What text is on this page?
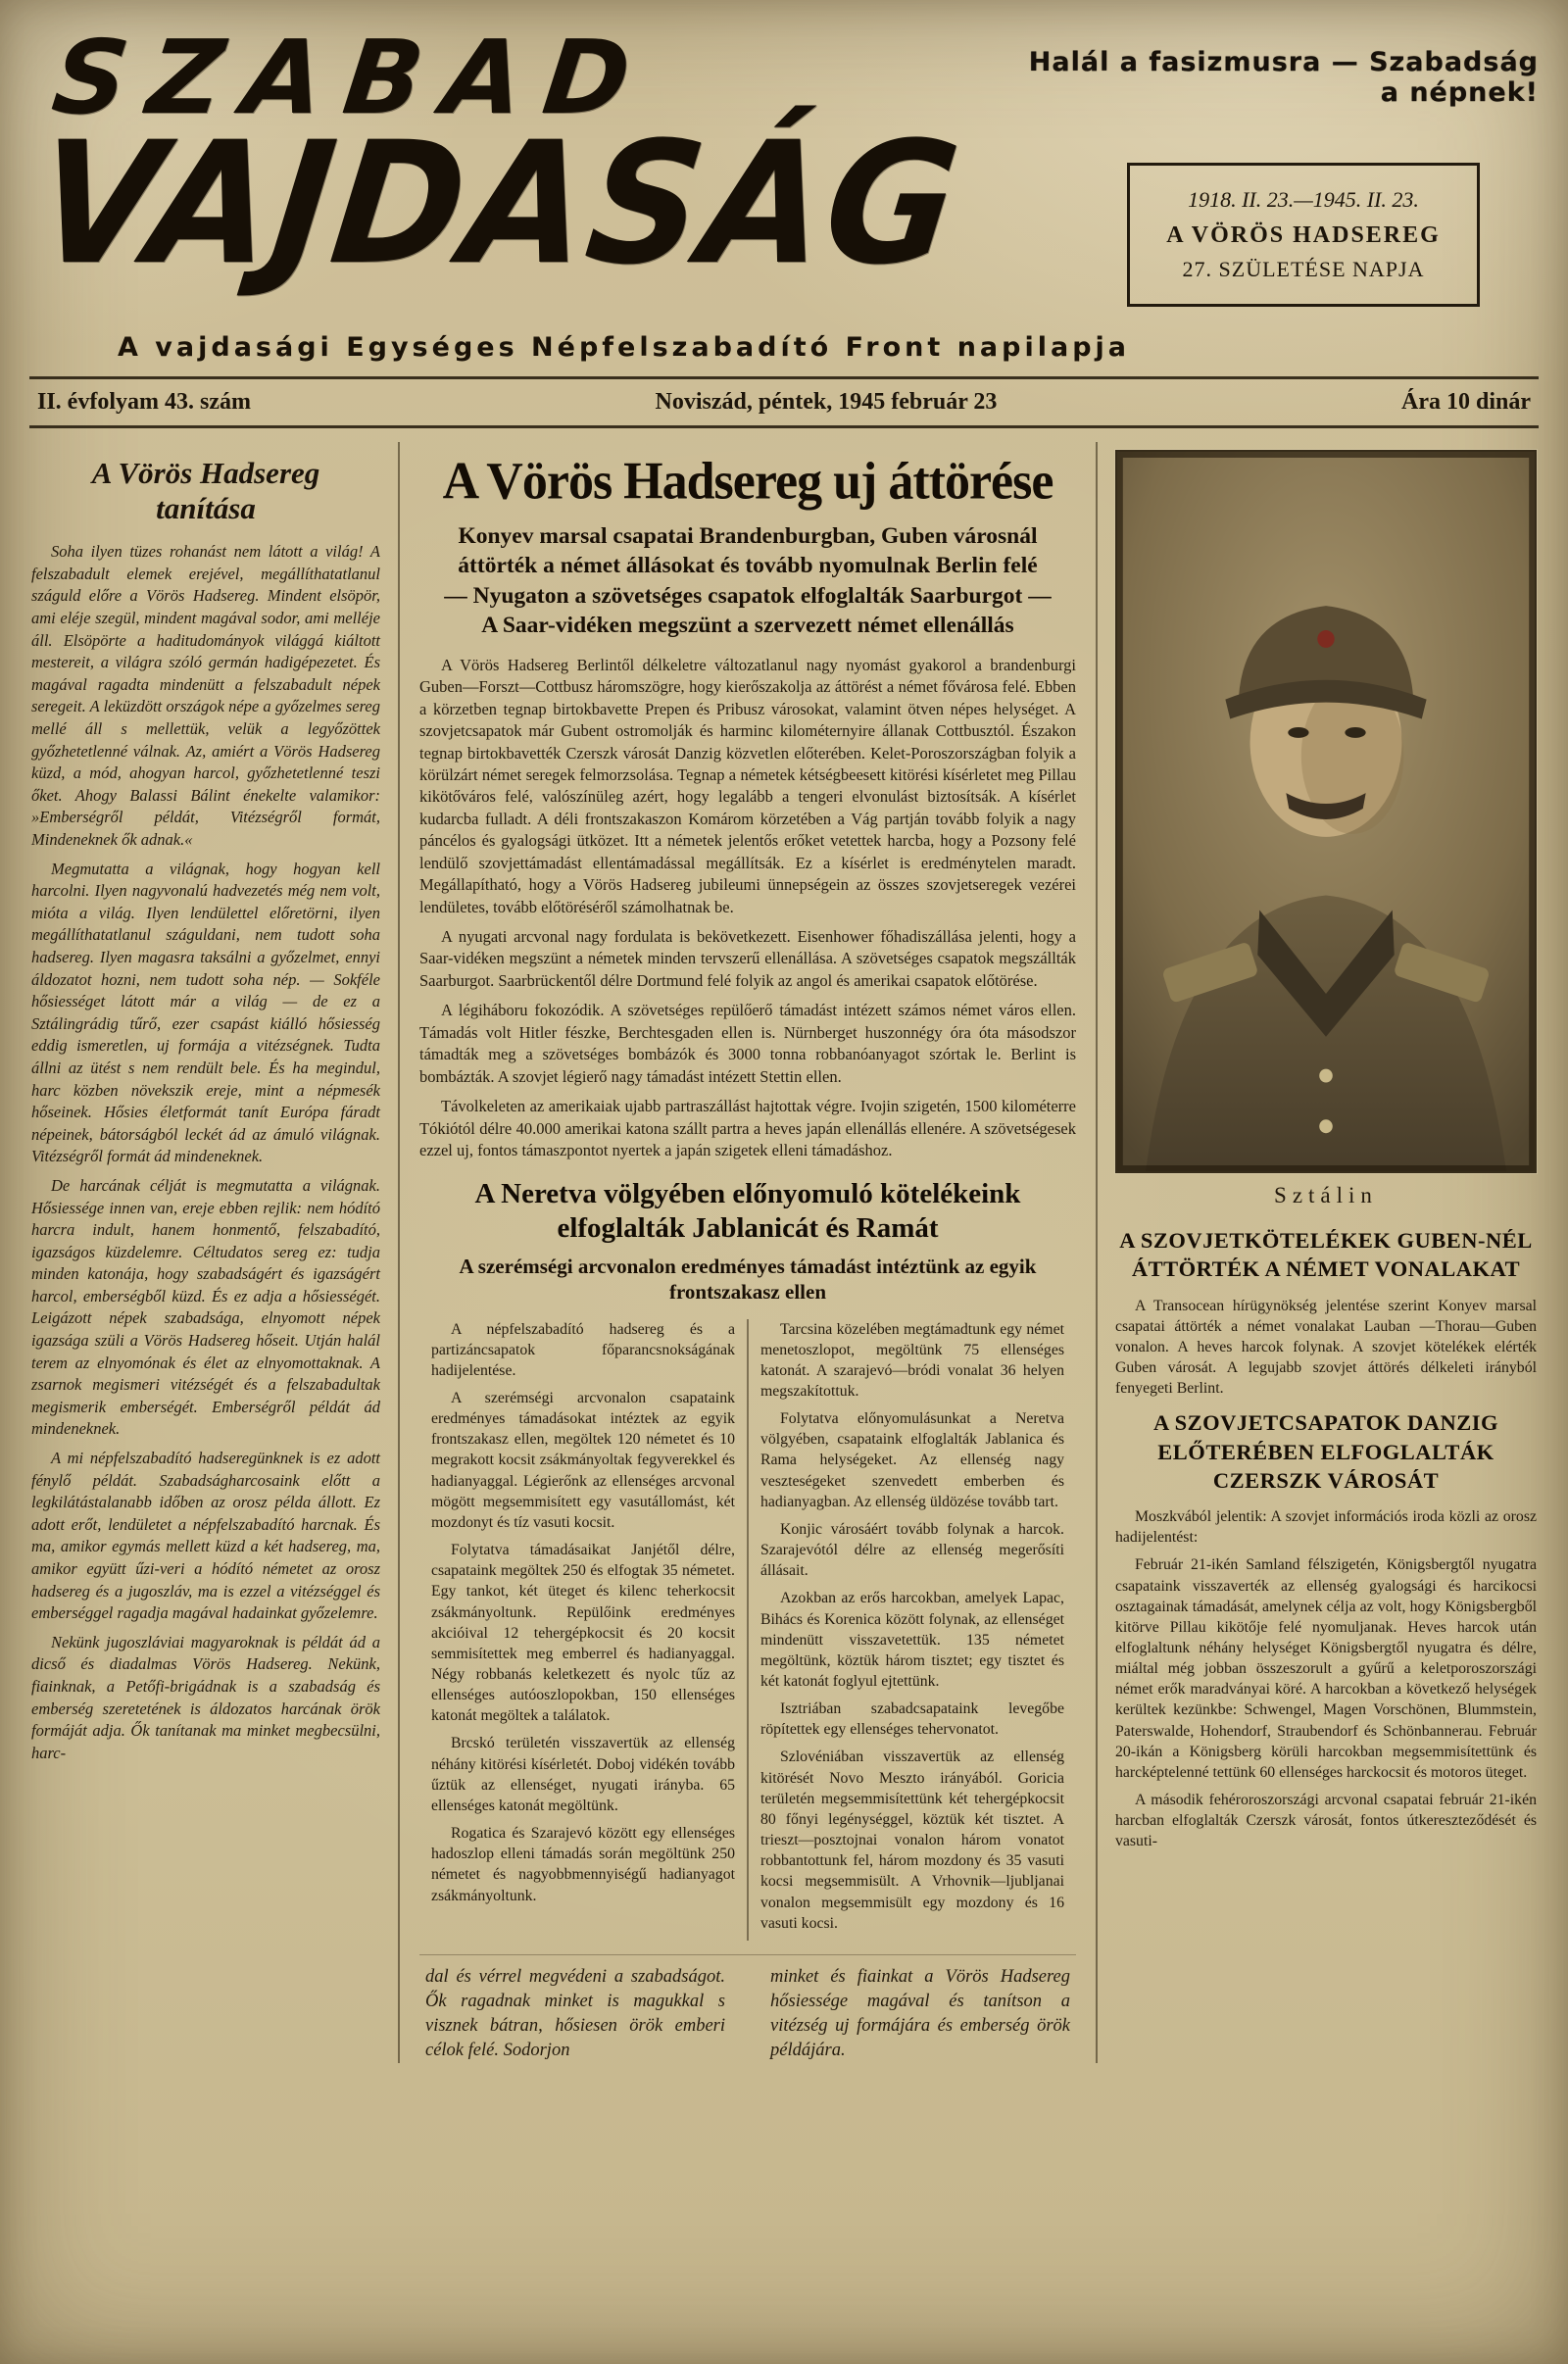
SZABAD
VAJDASÁG
Halál a fasizmusra — Szabadság a népnek!
1918. II. 23.—1945. II. 23.
A VÖRÖS HADSEREG
27. SZÜLETÉSE NAPJA
A vajdasági Egységes Népfelszabadító Front napilapja
II. évfolyam 43. szám	Noviszád, péntek, 1945 február 23	Ára 10 dinár
A Vörös Hadsereg
tanítása

Soha ilyen tüzes rohanást nem látott a világ! A felszabadult elemek erejével, megállíthatatlanul száguld előre a Vörös Hadsereg. Mindent elsöpör, ami eléje szegül, mindent magával sodor, ami melléje áll. Elsöpörte a haditudományok világgá kiáltott mestereit, a világra szóló germán hadigépezetet. És magával ragadta mindenütt a felszabadult népek seregeit. A leküzdött országok népe a győzelmes sereg mellé áll s mellettük, velük a legyőzöttek győzhetetlenné válnak. Az, amiért a Vörös Hadsereg küzd, a mód, ahogyan harcol, győzhetetlenné teszi őket. Ahogy Balassi Bálint énekelte valamikor: »Emberségről példát, Vitézségről formát, Mindeneknek ők adnak.«

Megmutatta a világnak, hogy hogyan kell harcolni. Ilyen nagyvonalú hadvezetés még nem volt, mióta a világ. Ilyen lendülettel előretörni, ilyen megállíthatatlanul száguldani, nem tudott soha hadsereg. Ilyen magasra taksálni a győzelmet, ennyi áldozatot hozni, nem tudott soha nép. — Sokféle hősiességet látott már a világ — de ez a Sztálingrádig tűrő, ezer csapást kiálló hősiesség eddig ismeretlen, uj formája a vitézségnek. Tudta állni az ütést s nem rendült bele. És ha megindul, harc közben növekszik ereje, mint a népmesék hőseinek. Hősies életformát tanít Európa fáradt népeinek, bátorságból leckét ád az ámuló világnak. Vitézségről formát ád mindeneknek.

De harcának célját is megmutatta a világnak. Hősiessége innen van, ereje ebben rejlik: nem hódító harcra indult, hanem honmentő, felszabadító, igazságos küzdelemre. Céltudatos sereg ez: tudja minden katonája, hogy szabadságért és igazságért harcol, emberségből küzd. És ez adja a hősiességét. Leigázott népek szabadsága, elnyomott népek igazsága szüli a Vörös Hadsereg hőseit. Utján halál terem az elnyomónak és élet az elnyomottaknak. A zsarnok megismeri vitézségét és a felszabadultak megismerik emberségét. Emberségről példát ád mindeneknek.

A mi népfelszabadító hadseregünknek is ez adott fénylő példát. Szabadságharcosaink előtt a legkilátástalanabb időben az orosz példa állott. Ez adott erőt, lendületet a népfelszabadító harcnak. És ma, amikor egymás mellett küzd a két hadsereg, ma, amikor együtt űzi-veri a hódító németet az orosz hadsereg és a jugoszláv, ma is ezzel a vitézséggel és emberséggel ragadja magával hadainkat győzelemre.

Nekünk jugoszláviai magyaroknak is példát ád a dicső és diadalmas Vörös Hadsereg. Nekünk, fiainknak, a Petőfi-brigádnak is a szabadság és emberség szeretetének is áldozatos harcának örök formáját adja. Ők tanítanak ma minket megbecsülni, harc-

A Vörös Hadsereg uj áttörése
Konyev marsal csapatai Brandenburgban, Guben városnál
áttörték a német állásokat és tovább nyomulnak Berlin felé
— Nyugaton a szövetséges csapatok elfoglalták Saarburgot —
A Saar-vidéken megszünt a szervezett német ellenállás

A Vörös Hadsereg Berlintől délkeletre változatlanul nagy nyomást gyakorol a brandenburgi Guben—Forszt—Cottbusz háromszögre, hogy kierőszakolja az áttörést a német fővárosa felé. Ebben a körzetben tegnap birtokbavette Prepen és Pribusz városokat, valamint ötven népes helységet. A szovjetcsapatok már Gubent ostromolják és harminc kilométernyire állanak Cottbusztól. Északon tegnap birtokbavették Czerszk városát Danzig közvetlen előterében. Kelet-Poroszországban folyik a körülzárt német seregek felmorzsolása. Tegnap a németek kétségbeesett kitörési kísérletet meg Pillau kikötőváros felé, valószínüleg azért, hogy legalább a tengeri elvonulást biztosítsák. A kísérlet kudarcba fulladt. A déli frontszakaszon Komárom körzetében a Vág partján tovább folyik a nagy páncélos és gyalogsági ütközet. Itt a németek jelentős erőket vetettek harcba, hogy a Pozsony felé lendülő szovjettámadást ellentámadással megállítsák. Ez a kísérlet is eredménytelen maradt. Megállapítható, hogy a Vörös Hadsereg jubileumi ünnepségein az összes szovjetseregek vezérei lendületes, tovább előtöréséről számolhatnak be.

A nyugati arcvonal nagy fordulata is bekövetkezett. Eisenhower főhadiszállása jelenti, hogy a Saar-vidéken megszünt a németek minden tervszerű ellenállása. A szövetséges csapatok megszállták Saarburgot. Saarbrückentől délre Dortmund felé folyik az angol és amerikai csapatok előtörése.

A légiháboru fokozódik. A szövetséges repülőerő támadást intézett számos német város ellen. Támadás volt Hitler fészke, Berchtesgaden ellen is. Nürnberget huszonnégy óra óta másodszor támadták meg a szövetséges bombázók és 3000 tonna robbanóanyagot szórtak le. Berlint is bombázták. A szovjet légierő nagy támadást intézett Stettin ellen.

Távolkeleten az amerikaiak ujabb partraszállást hajtottak végre. Ivojin szigetén, 1500 kilométerre Tókiótól délre 40.000 amerikai katona szállt partra a heves japán ellenállás ellenére. A szövetségesek ezzel uj, fontos támaszpontot nyertek a japán szigetek elleni támadáshoz.

A Neretva völgyében előnyomuló kötelékeink elfoglalták Jablanicát és Ramát
A szerémségi arcvonalon eredményes támadást intéztünk az egyik frontszakasz ellen

A népfelszabadító hadsereg és a partizáncsapatok főparancsnokságának hadijelentése.

A szerémségi arcvonalon csapataink eredményes támadásokat intéztek az egyik frontszakasz ellen, megöltek 120 németet és 10 megrakott kocsit zsákmányoltak fegyverekkel és hadianyaggal. Légierőnk az ellenséges arcvonal mögött megsemmisített egy vasutállomást, két mozdonyt és tíz vasuti kocsit.

Folytatva támadásaikat Janjétől délre, csapataink megöltek 250 és elfogtak 35 németet. Egy tankot, két üteget és kilenc teherkocsit zsákmányoltunk. Repülőink eredményes akcióival 12 tehergépkocsit és 20 kocsit semmisítettek meg emberrel és hadianyaggal. Négy robbanás keletkezett és nyolc tűz az ellenséges autóoszlopokban, 150 ellenséges katonát megöltek a találatok.

Brcskó területén visszavertük az ellenség néhány kitörési kísérletét. Doboj vidékén tovább űztük az ellenséget, nyugati irányba. 65 ellenséges katonát megöltünk.

Rogatica és Szarajevó között egy ellenséges hadoszlop elleni támadás során megöltünk 250 németet és nagyobbmennyiségű hadianyagot zsákmányoltunk.

Tarcsina közelében megtámadtunk egy német menetoszlopot, megöltünk 75 ellenséges katonát. A szarajevó—bródi vonalat 36 helyen megszakítottuk.

Folytatva előnyomulásunkat a Neretva völgyében, csapataink elfoglalták Jablanica és Rama helységeket. Az ellenség nagy veszteségeket szenvedett emberben és hadianyagban. Az ellenség üldözése tovább tart.

Konjic városáért tovább folynak a harcok. Szarajevótól délre az ellenség megerősíti állásait.

Azokban az erős harcokban, amelyek Lapac, Bihács és Korenica között folynak, az ellenséget mindenütt visszavetettük. 135 németet megöltünk, köztük három tisztet; egy tisztet és két katonát foglyul ejtettünk.

Isztriában szabadcsapataink levegőbe röpítettek egy ellenséges tehervonatot.

Szlovéniában visszavertük az ellenség kitörését Novo Meszto irányából. Goricia területén megsemmisítettünk két tehergépkocsit 80 főnyi legénységgel, köztük két tisztet. A trieszt—posztojnai vonalon három vonatot robbantottunk fel, három mozdony és 35 vasuti kocsi megsemmisült. A Vrhovnik—ljubljanai vonalon megsemmisült egy mozdony és 16 vasuti kocsi.

dal és vérrel megvédeni a szabadságot. Ők ragadnak minket is magukkal s visznek bátran, hősiesen örök emberi célok felé. Sodorjon

minket és fiainkat a Vörös Hadsereg hősiessége magával és tanítson a vitézség uj formájára és emberség örök példájára.

Sztálin
A SZOVJETKÖTELÉKEK GUBEN-NÉL ÁTTÖRTÉK A NÉMET VONALAKAT

A Transocean hírügynökség jelentése szerint Konyev marsal csapatai áttörték a német vonalakat Lauban —Thorau—Guben vonalon. A heves harcok folynak. A szovjet kötelékek elérték Guben városát. A legujabb szovjet áttörés délkeleti irányból fenyegeti Berlint.

A SZOVJETCSAPATOK DANZIG ELŐTERÉBEN ELFOGLALTÁK CZERSZK VÁROSÁT

Moszkvából jelentik: A szovjet információs iroda közli az orosz hadijelentést:

Február 21-ikén Samland félszigetén, Königsbergtől nyugatra csapataink visszaverték az ellenség gyalogsági és harcikocsi osztagainak támadását, amelynek célja az volt, hogy Königsbergből kitörve Pillau kikötője felé nyomuljanak. Heves harcok után elfoglaltunk néhány helységet Königsbergtől nyugatra és délre, miáltal még jobban összeszorult a gyűrű a keletporoszországi német erők maradványai köré. A harcokban a következő helységek kerültek kezünkbe: Schwengel, Magen Vorschönen, Blummstein, Paterswalde, Hohendorf, Straubendorf és Schönbannerau. Február 20-ikán a Königsberg körüli harcokban megsemmisítettünk és harcképtelenné tettünk 60 ellenséges harckocsit és motoros üteget.

A második fehéroroszországi arcvonal csapatai február 21-ikén harcban elfoglalták Czerszk városát, fontos útkereszteződését és vasuti-
